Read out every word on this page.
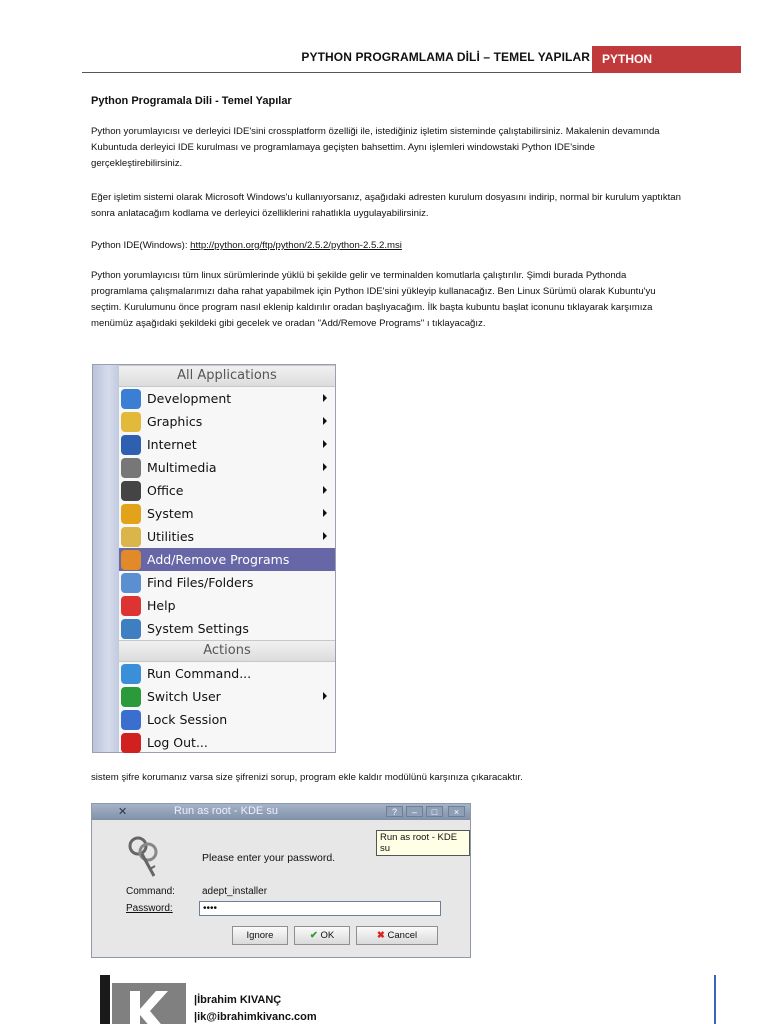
PYTHON PROGRAMLAMA DİLİ – TEMEL YAPILAR	PYTHON
Python Programala Dili - Temel Yapılar
Python yorumlayıcısı ve derleyici IDE'sini crossplatform özelliği ile, istediğiniz işletim sisteminde çalıştabilirsiniz. Makalenin devamında Kubuntuda derleyici IDE kurulması ve programlamaya geçişten bahsettim. Aynı işlemleri windowstaki Python IDE'sinde gerçekleştirebilirsiniz.
Eğer işletim sistemi olarak Microsoft Windows'u kullanıyorsanız, aşağıdaki adresten kurulum dosyasını indirip, normal bir kurulum yaptıktan sonra anlatacağım kodlama ve derleyici özelliklerini rahatlıkla uygulayabilirsiniz.
Python IDE(Windows): http://python.org/ftp/python/2.5.2/python-2.5.2.msi
Python yorumlayıcısı tüm linux sürümlerinde yüklü bi şekilde gelir ve terminalden komutlarla çalıştırılır. Şimdi burada Pythonda programlama çalışmalarımızı daha rahat yapabilmek için Python IDE'sini yükleyip kullanacağız. Ben Linux Sürümü olarak Kubuntu'yu seçtim. Kurulumunu önce program nasıl eklenip kaldırılır oradan başlıyacağım. İlk başta kubuntu başlat iconunu tıklayarak karşımıza menümüz aşağıdaki şekildeki gibi gecelek ve oradan "Add/Remove Programs" ı tıklayacağız.
All Applications
Development
Graphics
Internet
Multimedia
Office
System
Utilities
Add/Remove Programs
Find Files/Folders
Help
System Settings
Actions
Run Command...
Switch User
Lock Session
Log Out...
sistem şifre korumanız varsa size şifrenizi sorup, program ekle kaldır modülünü karşınıza çıkaracaktır.
✕	Run as root - KDE su	?	–	□	×
Run as root - KDE su
Please enter your password.
Command:	adept_installer
Password:	••••
Ignore	✔ OK	✖ Cancel
|İbrahim KIVANÇ
|ik@ibrahimkivanc.com
